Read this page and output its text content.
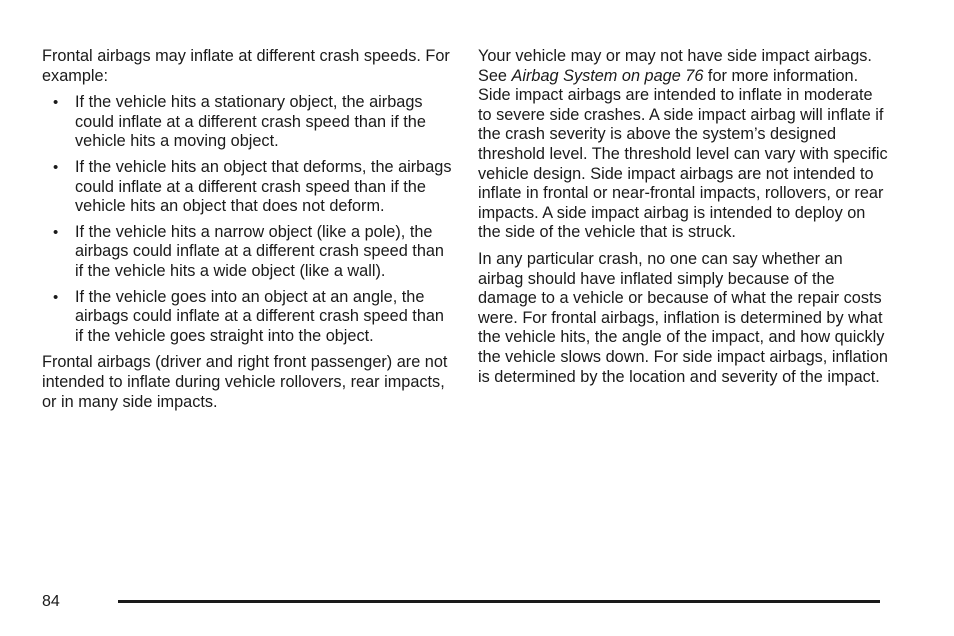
Frontal airbags may inflate at different crash speeds. For example:

• If the vehicle hits a stationary object, the airbags could inflate at a different crash speed than if the vehicle hits a moving object.
• If the vehicle hits an object that deforms, the airbags could inflate at a different crash speed than if the vehicle hits an object that does not deform.
• If the vehicle hits a narrow object (like a pole), the airbags could inflate at a different crash speed than if the vehicle hits a wide object (like a wall).
• If the vehicle goes into an object at an angle, the airbags could inflate at a different crash speed than if the vehicle goes straight into the object.

Frontal airbags (driver and right front passenger) are not intended to inflate during vehicle rollovers, rear impacts, or in many side impacts.

Your vehicle may or may not have side impact airbags. See Airbag System on page 76 for more information. Side impact airbags are intended to inflate in moderate to severe side crashes. A side impact airbag will inflate if the crash severity is above the system’s designed threshold level. The threshold level can vary with specific vehicle design. Side impact airbags are not intended to inflate in frontal or near-frontal impacts, rollovers, or rear impacts. A side impact airbag is intended to deploy on the side of the vehicle that is struck.

In any particular crash, no one can say whether an airbag should have inflated simply because of the damage to a vehicle or because of what the repair costs were. For frontal airbags, inflation is determined by what the vehicle hits, the angle of the impact, and how quickly the vehicle slows down. For side impact airbags, inflation is determined by the location and severity of the impact.

84
